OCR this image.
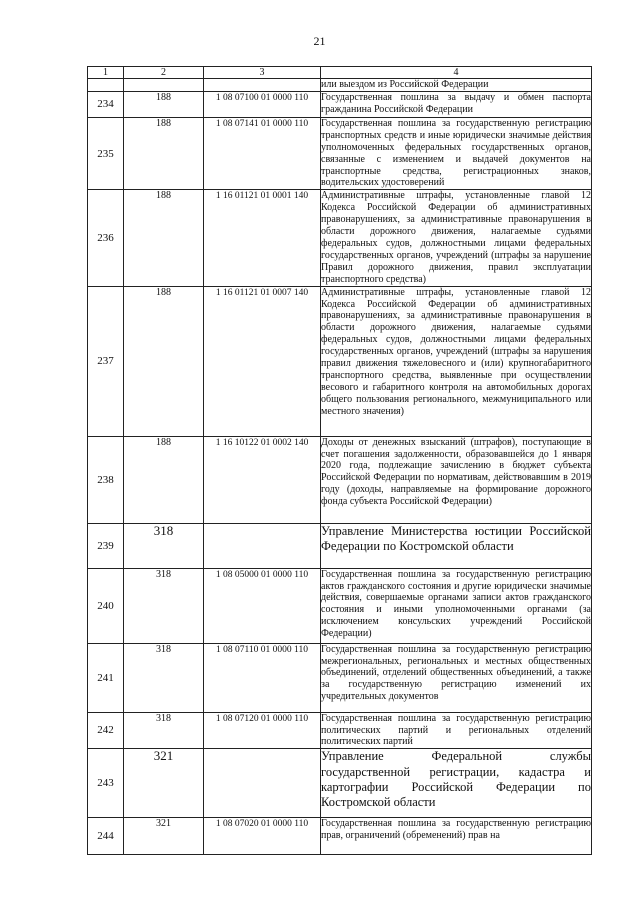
21
1	2	3	4
			или выездом из Российской Федерации
234	188	1 08 07100 01 0000 110	Государственная пошлина за выдачу и обмен паспорта гражданина Российской Федерации
235	188	1 08 07141 01 0000 110	Государственная пошлина за государственную регистрацию транспортных средств и иные юридически значимые действия уполномоченных федеральных государственных органов, связанные с изменением и выдачей документов на транспортные средства, регистрационных знаков, водительских удостоверений
236	188	1 16 01121 01 0001 140	Административные штрафы, установленные главой 12 Кодекса Российской Федерации об административных правонарушениях, за административные правонарушения в области дорожного движения, налагаемые судьями федеральных судов, должностными лицами федеральных государственных органов, учреждений (штрафы за нарушение Правил дорожного движения, правил эксплуатации транспортного средства)
237	188	1 16 01121 01 0007 140	Административные штрафы, установленные главой 12 Кодекса Российской Федерации об административных правонарушениях, за административные правонарушения в области дорожного движения, налагаемые судьями федеральных судов, должностными лицами федеральных государственных органов, учреждений (штрафы за нарушения правил движения тяжеловесного и (или) крупногабаритного транспортного средства, выявленные при осуществлении весового и габаритного контроля на автомобильных дорогах общего пользования регионального, межмуниципального или местного значения)
238	188	1 16 10122 01 0002 140	Доходы от денежных взысканий (штрафов), поступающие в счет погашения задолженности, образовавшейся до 1 января 2020 года, подлежащие зачислению в бюджет субъекта Российской Федерации по нормативам, действовавшим в 2019 году (доходы, направляемые на формирование дорожного фонда субъекта Российской Федерации)
239	318		Управление Министерства юстиции Российской Федерации по Костромской области
240	318	1 08 05000 01 0000 110	Государственная пошлина за государственную регистрацию актов гражданского состояния и другие юридически значимые действия, совершаемые органами записи актов гражданского состояния и иными уполномоченными органами (за исключением консульских учреждений Российской Федерации)
241	318	1 08 07110 01 0000 110	Государственная пошлина за государственную регистрацию межрегиональных, региональных и местных общественных объединений, отделений общественных объединений, а также за государственную регистрацию изменений их учредительных документов
242	318	1 08 07120 01 0000 110	Государственная пошлина за государственную регистрацию политических партий и региональных отделений политических партий
243	321		Управление Федеральной службы государственной регистрации, кадастра и картографии Российской Федерации по Костромской области
244	321	1 08 07020 01 0000 110	Государственная пошлина за государственную регистрацию прав, ограничений (обременений) прав на
